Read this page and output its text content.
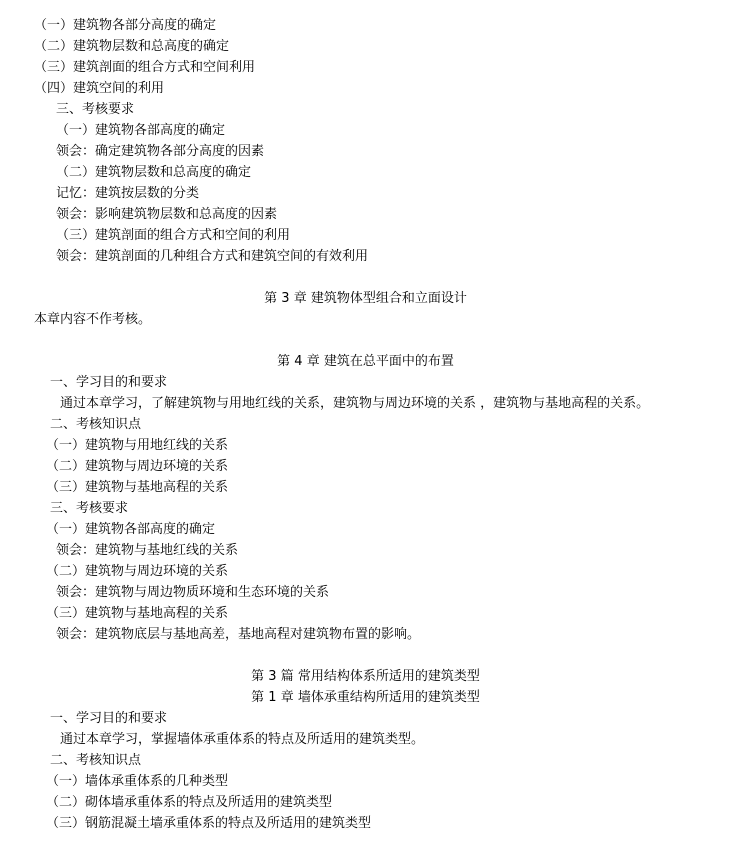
（一）建筑物各部分高度的确定
（二）建筑物层数和总高度的确定
（三）建筑剖面的组合方式和空间利用
（四）建筑空间的利用
三、考核要求
（一）建筑物各部高度的确定
领会：确定建筑物各部分高度的因素
（二）建筑物层数和总高度的确定
记忆：建筑按层数的分类
领会：影响建筑物层数和总高度的因素
（三）建筑剖面的组合方式和空间的利用
领会：建筑剖面的几种组合方式和建筑空间的有效利用
第 3 章 建筑物体型组合和立面设计
本章内容不作考核。
第 4 章 建筑在总平面中的布置
一、学习目的和要求
通过本章学习，了解建筑物与用地红线的关系，建筑物与周边环境的关系 ，建筑物与基地高程的关系。
二、考核知识点
（一）建筑物与用地红线的关系
（二）建筑物与周边环境的关系
（三）建筑物与基地高程的关系
三、考核要求
（一）建筑物各部高度的确定
领会：建筑物与基地红线的关系
（二）建筑物与周边环境的关系
领会：建筑物与周边物质环境和生态环境的关系
（三）建筑物与基地高程的关系
领会：建筑物底层与基地高差，基地高程对建筑物布置的影响。
第 3 篇 常用结构体系所适用的建筑类型
第 1 章 墙体承重结构所适用的建筑类型
一、学习目的和要求
通过本章学习，掌握墙体承重体系的特点及所适用的建筑类型。
二、考核知识点
（一）墙体承重体系的几种类型
（二）砌体墙承重体系的特点及所适用的建筑类型
（三）钢筋混凝土墙承重体系的特点及所适用的建筑类型
